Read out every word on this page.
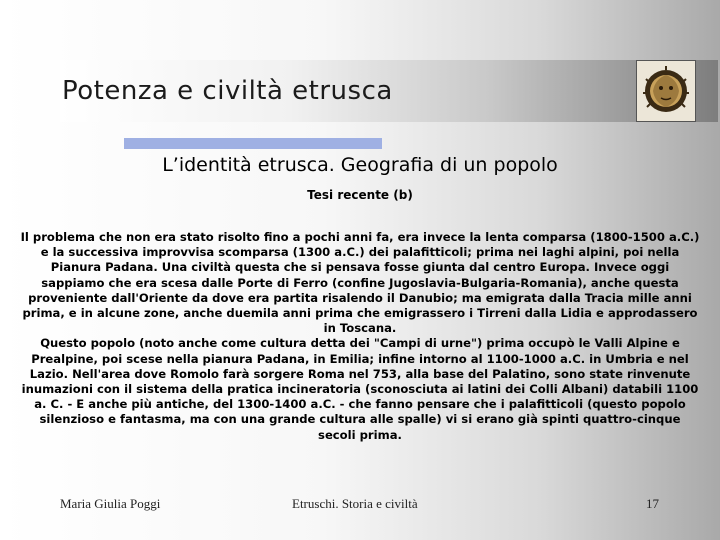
Potenza e civiltà etrusca
L’identità etrusca. Geografia di un popolo
Tesi recente (b)

Il problema che non era stato risolto fino a pochi anni fa, era invece la lenta comparsa (1800-1500 a.C.) e la successiva improvvisa scomparsa (1300 a.C.) dei palafitticoli; prima nei laghi alpini, poi nella Pianura Padana. Una civiltà questa che si pensava fosse giunta dal centro Europa. Invece oggi sappiamo che era scesa dalle Porte di Ferro (confine Jugoslavia-Bulgaria-Romania), anche questa proveniente dall'Oriente da dove era partita risalendo il Danubio; ma emigrata dalla Tracia mille anni prima, e in alcune zone, anche duemila anni prima che emigrassero i Tirreni dalla Lidia e approdassero in Toscana.

Questo popolo (noto anche come cultura detta dei "Campi di urne") prima occupò le Valli Alpine e Prealpine, poi scese nella pianura Padana, in Emilia; infine intorno al 1100-1000 a.C. in Umbria e nel Lazio. Nell'area dove Romolo farà sorgere Roma nel 753, alla base del Palatino, sono state rinvenute inumazioni con il sistema della pratica incineratoria (sconosciuta ai latini dei Colli Albani) databili 1100 a. C. - E anche più antiche, del 1300-1400 a.C. - che fanno pensare che i palafitticoli (questo popolo silenzioso e fantasma, ma con una grande cultura alle spalle) vi si erano già spinti quattro-cinque secoli prima.

Maria Giulia Poggi	Etruschi. Storia e civiltà	17
